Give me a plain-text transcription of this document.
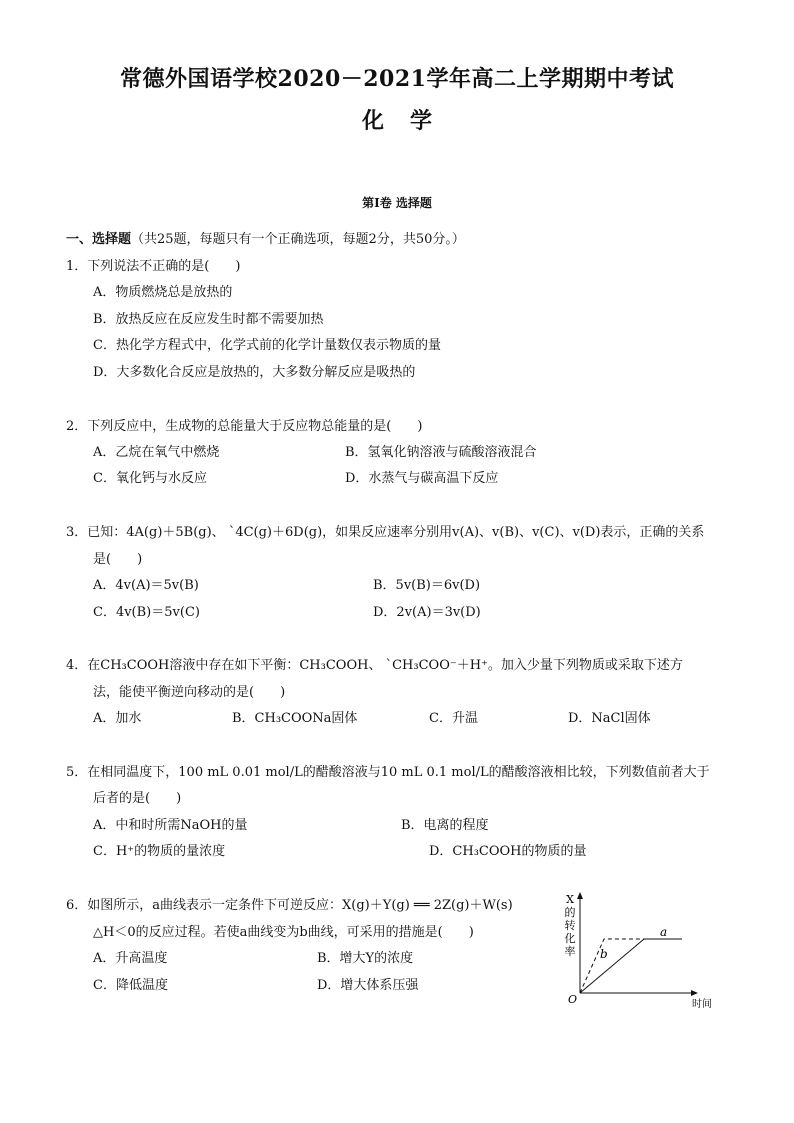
常德外国语学校2020－2021学年高二上学期期中考试
化学
第Ⅰ卷 选择题
一、选择题（共25题，每题只有一个正确选项，每题2分，共50分。）
1．下列说法不正确的是(　　)
A．物质燃烧总是放热的
B．放热反应在反应发生时都不需要加热
C．热化学方程式中，化学式前的化学计量数仅表示物质的量
D．大多数化合反应是放热的，大多数分解反应是吸热的
2．下列反应中，生成物的总能量大于反应物总能量的是(　　)
A．乙烷在氧气中燃烧	B．氢氧化钠溶液与硫酸溶液混合
C．氧化钙与水反应	D．水蒸气与碳高温下反应
3．已知：4A(g)＋5B(g)、 `4C(g)＋6D(g)，如果反应速率分别用v(A)、v(B)、v(C)、v(D)表示，正确的关系
是(　　)
A．4v(A)＝5v(B)	B．5v(B)＝6v(D)
C．4v(B)＝5v(C)	D．2v(A)＝3v(D)
4．在CH₃COOH溶液中存在如下平衡：CH₃COOH、 `CH₃COO⁻＋H⁺。加入少量下列物质或采取下述方
法，能使平衡逆向移动的是(　　)
A．加水	B．CH₃COONa固体	C．升温	D．NaCl固体
5．在相同温度下，100 mL 0.01 mol/L的醋酸溶液与10 mL 0.1 mol/L的醋酸溶液相比较，下列数值前者大于
后者的是(　　)
A．中和时所需NaOH的量	B．电离的程度
C．H⁺的物质的量浓度	D．CH₃COOH的物质的量
6．如图所示，a曲线表示一定条件下可逆反应：X(g)＋Y(g) ══ 2Z(g)＋W(s)
△H＜0的反应过程。若使a曲线变为b曲线，可采用的措施是(　　)
A．升高温度	B．增大Y的浓度
C．降低温度	D．增大体系压强
X
的
转
化
率
a
b
O	时间
